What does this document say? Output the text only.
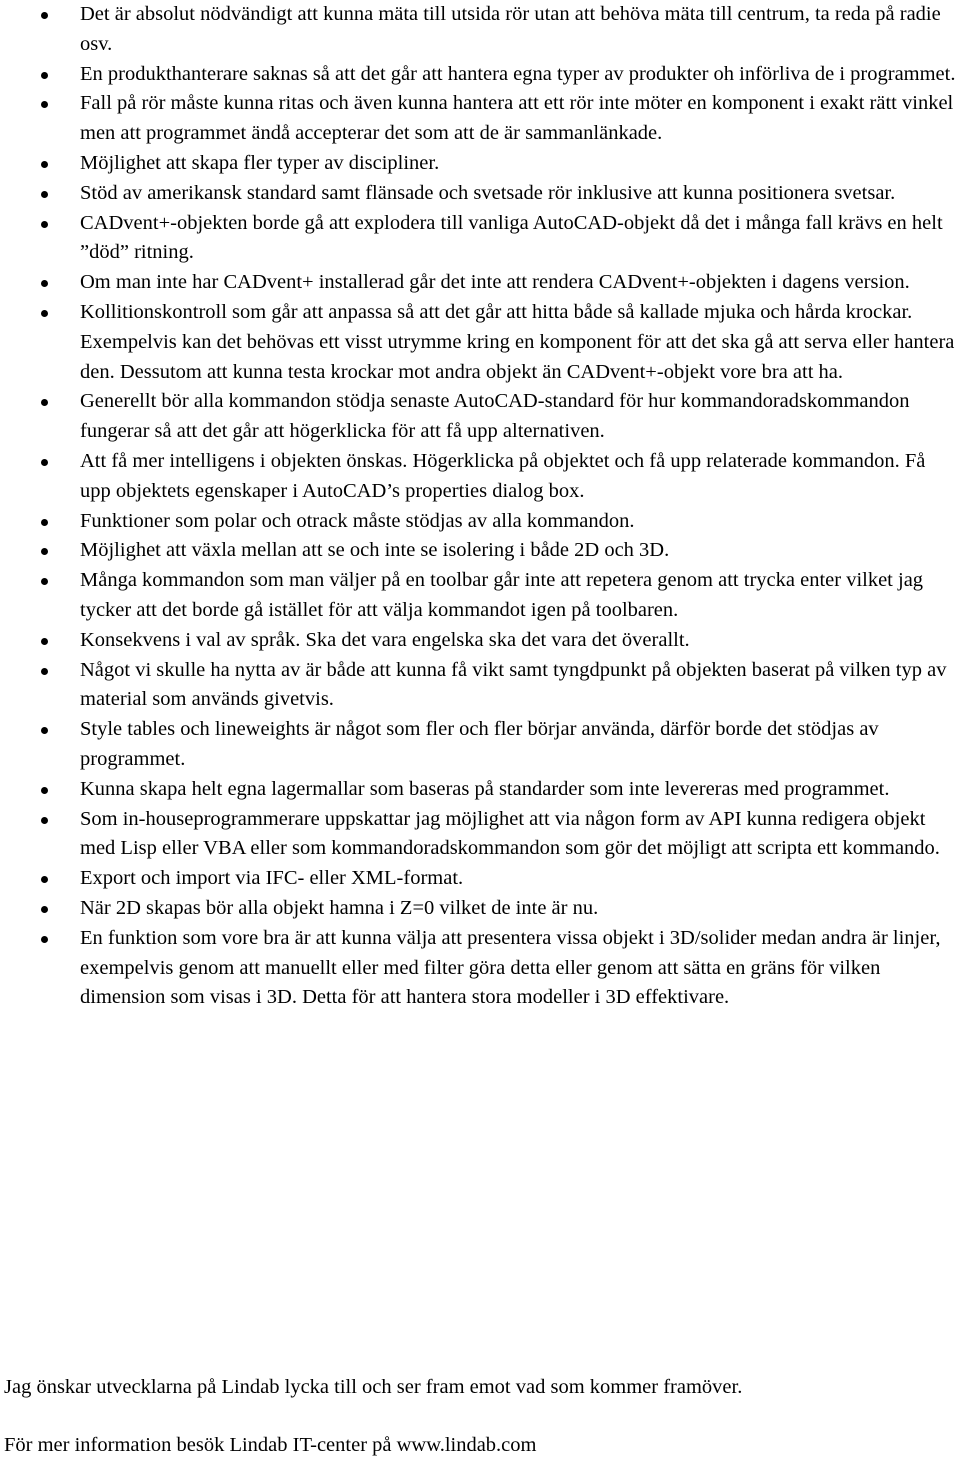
Det är absolut nödvändigt att kunna mäta till utsida rör utan att behöva mäta till centrum, ta reda på radie osv.
En produkthanterare saknas så att det går att hantera egna typer av produkter oh införliva de i programmet.
Fall på rör måste kunna ritas och även kunna hantera att ett rör inte möter en komponent i exakt rätt vinkel men att programmet ändå accepterar det som att de är sammanlänkade.
Möjlighet att skapa fler typer av discipliner.
Stöd av amerikansk standard samt flänsade och svetsade rör inklusive att kunna positionera svetsar.
CADvent+-objekten borde gå att explodera till vanliga AutoCAD-objekt då det i många fall krävs en helt ”död” ritning.
Om man inte har CADvent+ installerad går det inte att rendera CADvent+-objekten i dagens version.
Kollitionskontroll som går att anpassa så att det går att hitta både så kallade mjuka och hårda krockar. Exempelvis kan det behövas ett visst utrymme kring en komponent för att det ska gå att serva eller hantera den. Dessutom att kunna testa krockar mot andra objekt än CADvent+-objekt vore bra att ha.
Generellt bör alla kommandon stödja senaste AutoCAD-standard för hur kommandoradskommandon fungerar så att det går att högerklicka för att få upp alternativen.
Att få mer intelligens i objekten önskas. Högerklicka på objektet och få upp relaterade kommandon. Få upp objektets egenskaper i AutoCAD’s properties dialog box.
Funktioner som polar och otrack måste stödjas av alla kommandon.
Möjlighet att växla mellan att se och inte se isolering i både 2D och 3D.
Många kommandon som man väljer på en toolbar går inte att repetera genom att trycka enter vilket jag tycker att det borde gå istället för att välja kommandot igen på toolbaren.
Konsekvens i val av språk. Ska det vara engelska ska det vara det överallt.
Något vi skulle ha nytta av är både att kunna få vikt samt tyngdpunkt på objekten baserat på vilken typ av material som används givetvis.
Style tables och lineweights är något som fler och fler börjar använda, därför borde det stödjas av programmet.
Kunna skapa helt egna lagermallar som baseras på standarder som inte levereras med programmet.
Som in-houseprogrammerare uppskattar jag möjlighet att via någon form av API kunna redigera objekt med Lisp eller VBA eller som kommandoradskommandon som gör det möjligt att scripta ett kommando.
Export och import via IFC- eller XML-format.
När 2D skapas bör alla objekt hamna i Z=0 vilket de inte är nu.
En funktion som vore bra är att kunna välja att presentera vissa objekt i 3D/solider medan andra är linjer, exempelvis genom att manuellt eller med filter göra detta eller genom att sätta en gräns för vilken dimension som visas i 3D. Detta för att hantera stora modeller i 3D effektivare.

Jag önskar utvecklarna på Lindab lycka till och ser fram emot vad som kommer framöver.

För mer information besök Lindab IT-center på www.lindab.com
